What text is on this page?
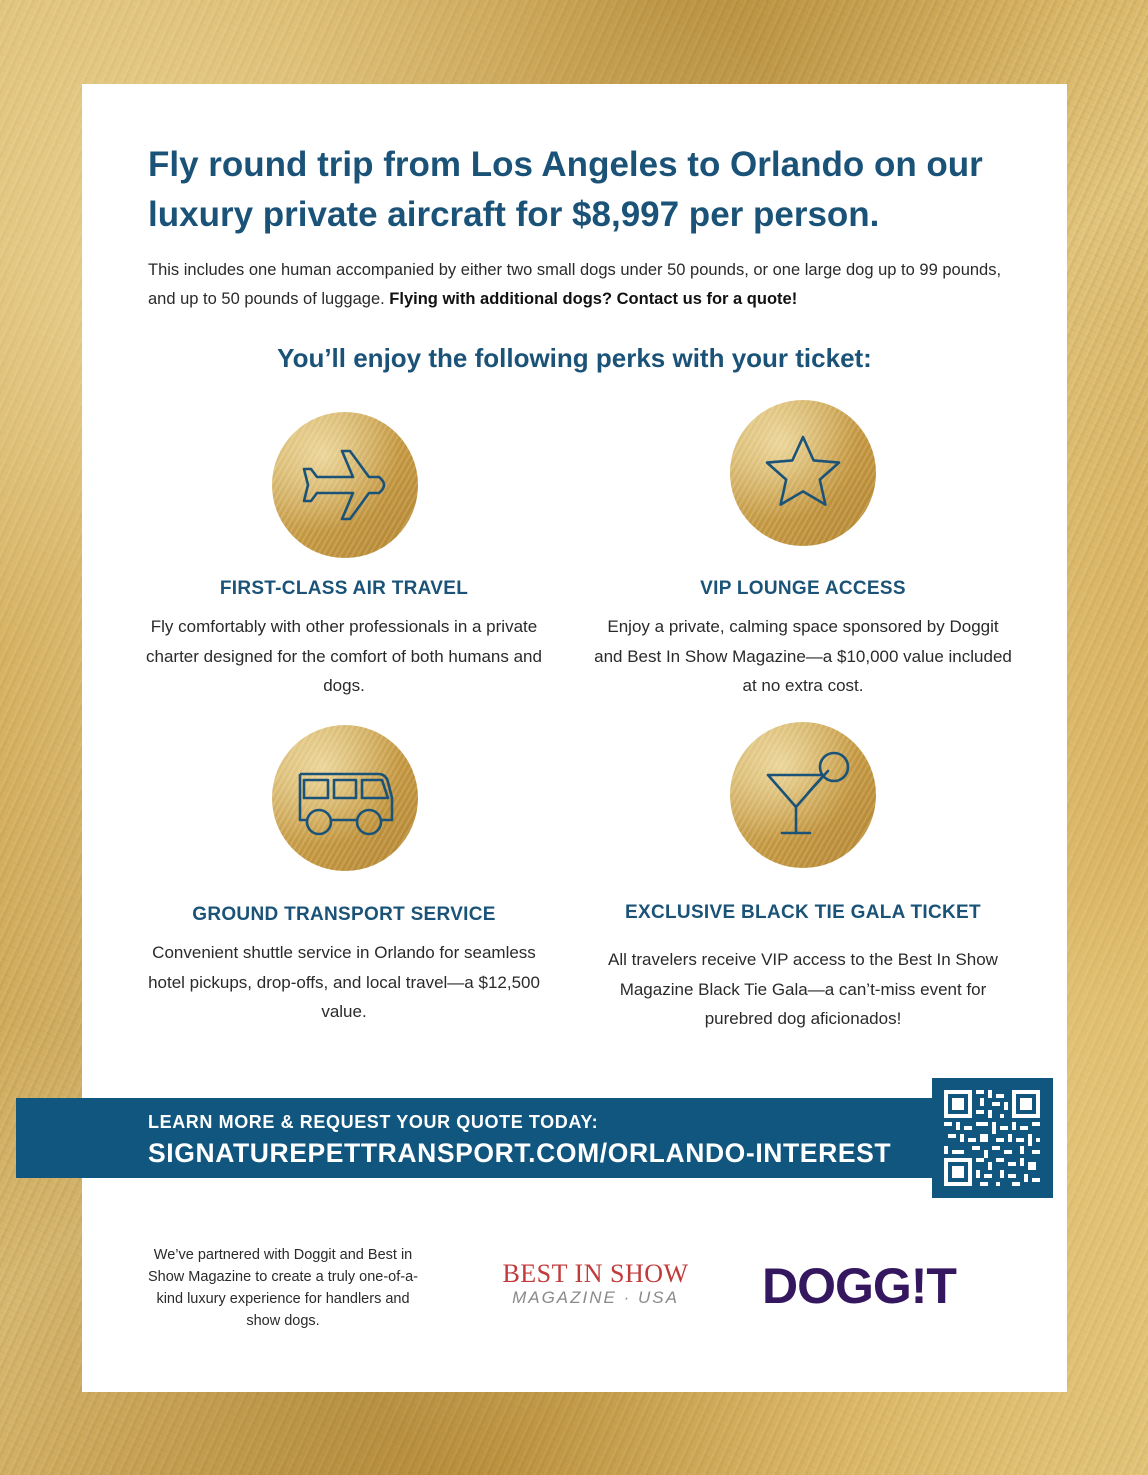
Fly round trip from Los Angeles to Orlando on our luxury private aircraft for $8,997 per person.

This includes one human accompanied by either two small dogs under 50 pounds, or one large dog up to 99 pounds, and up to 50 pounds of luggage. Flying with additional dogs? Contact us for a quote!

You’ll enjoy the following perks with your ticket:
FIRST-CLASS AIR TRAVEL

Fly comfortably with other professionals in a private charter designed for the comfort of both humans and dogs.

VIP LOUNGE ACCESS

Enjoy a private, calming space sponsored by Doggit and Best In Show Magazine—a $10,000 value included at no extra cost.

GROUND TRANSPORT SERVICE

Convenient shuttle service in Orlando for seamless hotel pickups, drop-offs, and local travel—a $12,500 value.

EXCLUSIVE BLACK TIE GALA TICKET

All travelers receive VIP access to the Best In Show Magazine Black Tie Gala—a can’t-miss event for purebred dog aficionados!

LEARN MORE & REQUEST YOUR QUOTE TODAY:

SIGNATUREPETTRANSPORT.COM/ORLANDO-INTEREST

We’ve partnered with Doggit and Best in Show Magazine to create a truly one-of-a-kind luxury experience for handlers and show dogs.

BEST IN SHOW
MAGAZINE · USA	DOGG!T
